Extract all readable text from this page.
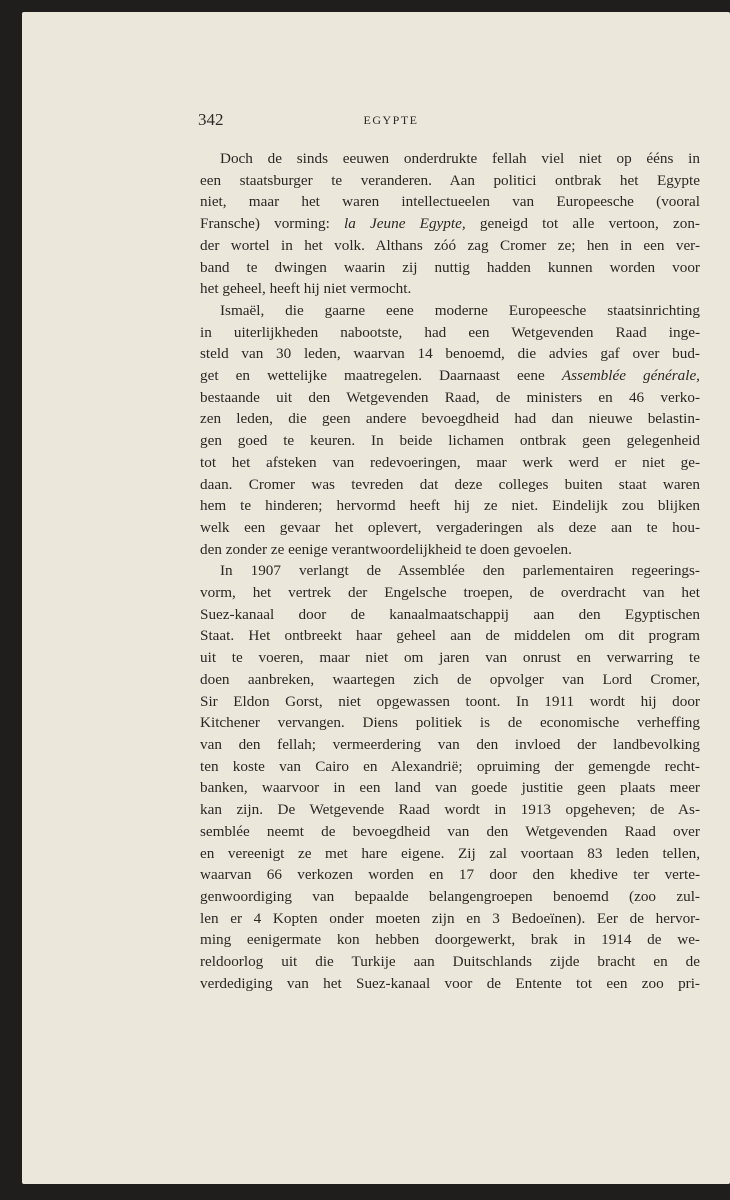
342	EGYPTE
Doch de sinds eeuwen onderdrukte fellah viel niet op ééns in
een staatsburger te veranderen. Aan politici ontbrak het Egypte
niet, maar het waren intellectueelen van Europeesche (vooral
Fransche) vorming: la Jeune Egypte, geneigd tot alle vertoon, zon-
der wortel in het volk. Althans zóó zag Cromer ze; hen in een ver-
band te dwingen waarin zij nuttig hadden kunnen worden voor
het geheel, heeft hij niet vermocht.
Ismaël, die gaarne eene moderne Europeesche staatsinrichting
in uiterlijkheden nabootste, had een Wetgevenden Raad inge-
steld van 30 leden, waarvan 14 benoemd, die advies gaf over bud-
get en wettelijke maatregelen. Daarnaast eene Assemblée générale,
bestaande uit den Wetgevenden Raad, de ministers en 46 verko-
zen leden, die geen andere bevoegdheid had dan nieuwe belastin-
gen goed te keuren. In beide lichamen ontbrak geen gelegenheid
tot het afsteken van redevoeringen, maar werk werd er niet ge-
daan. Cromer was tevreden dat deze colleges buiten staat waren
hem te hinderen; hervormd heeft hij ze niet. Eindelijk zou blijken
welk een gevaar het oplevert, vergaderingen als deze aan te hou-
den zonder ze eenige verantwoordelijkheid te doen gevoelen.
In 1907 verlangt de Assemblée den parlementairen regeerings-
vorm, het vertrek der Engelsche troepen, de overdracht van het
Suez-kanaal door de kanaalmaatschappij aan den Egyptischen
Staat. Het ontbreekt haar geheel aan de middelen om dit program
uit te voeren, maar niet om jaren van onrust en verwarring te
doen aanbreken, waartegen zich de opvolger van Lord Cromer,
Sir Eldon Gorst, niet opgewassen toont. In 1911 wordt hij door
Kitchener vervangen. Diens politiek is de economische verheffing
van den fellah; vermeerdering van den invloed der landbevolking
ten koste van Cairo en Alexandrië; opruiming der gemengde recht-
banken, waarvoor in een land van goede justitie geen plaats meer
kan zijn. De Wetgevende Raad wordt in 1913 opgeheven; de As-
semblée neemt de bevoegdheid van den Wetgevenden Raad over
en vereenigt ze met hare eigene. Zij zal voortaan 83 leden tellen,
waarvan 66 verkozen worden en 17 door den khedive ter verte-
genwoordiging van bepaalde belangengroepen benoemd (zoo zul-
len er 4 Kopten onder moeten zijn en 3 Bedoeïnen). Eer de hervor-
ming eenigermate kon hebben doorgewerkt, brak in 1914 de we-
reldoorlog uit die Turkije aan Duitschlands zijde bracht en de
verdediging van het Suez-kanaal voor de Entente tot een zoo pri-
